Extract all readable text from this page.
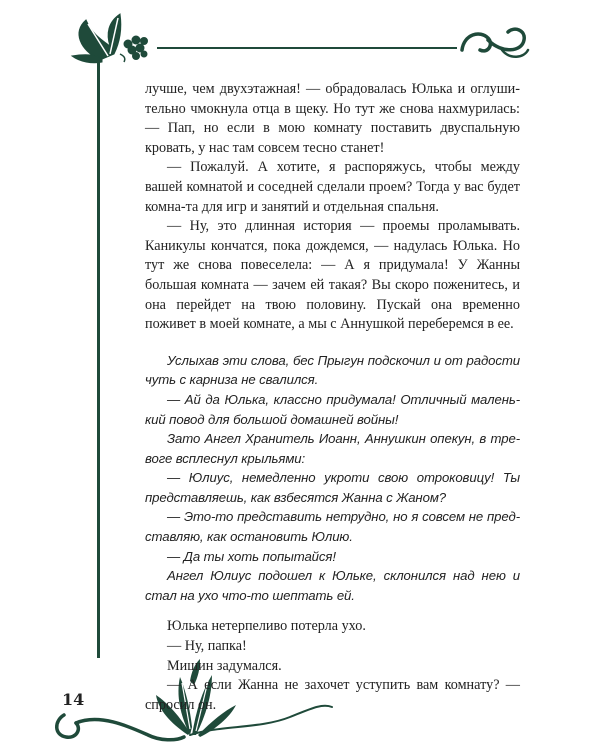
14

лучше, чем двухэтажная! — обрадовалась Юлька и оглуши-тельно чмокнула отца в щеку. Но тут же снова нахмурилась: — Пап, но если в мою комнату поставить двуспальную кровать, у нас там совсем тесно станет!

— Пожалуй. А хотите, я распоряжусь, чтобы между вашей комнатой и соседней сделали проем? Тогда у вас будет комна-та для игр и занятий и отдельная спальня.

— Ну, это длинная история — проемы проламывать. Каникулы кончатся, пока дождемся, — надулась Юлька. Но тут же снова повеселела: — А я придумала! У Жанны большая комната — зачем ей такая? Вы скоро поженитесь, и она перейдет на твою половину. Пускай она временно поживет в моей комнате, а мы с Аннушкой переберемся в ее.

Услыхав эти слова, бес Прыгун подскочил и от радости чуть с карниза не свалился.

— Ай да Юлька, классно придумала! Отличный малень-кий повод для большой домашней войны!

Зато Ангел Хранитель Иоанн, Аннушкин опекун, в тре-воге всплеснул крыльями:

— Юлиус, немедленно укроти свою отроковицу! Ты представляешь, как взбесятся Жанна с Жаном?

— Это-то представить нетрудно, но я совсем не пред-ставляю, как остановить Юлию.

— Да ты хоть попытайся!

Ангел Юлиус подошел к Юльке, склонился над нею и стал на ухо что-то шептать ей.

Юлька нетерпеливо потерла ухо.

— Ну, папка!

Мишин задумался.

— А если Жанна не захочет уступить вам комнату? — спросил он.
